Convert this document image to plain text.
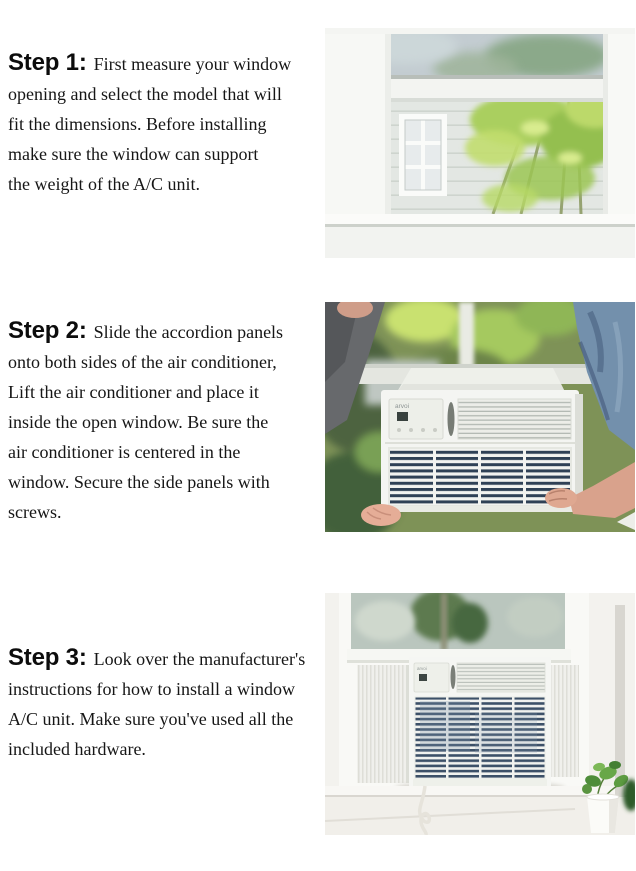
Step 1: First measure your window
opening and select the model that will
fit the dimensions. Before installing
make sure the window can support
the weight of the A/C unit.

Step 2: Slide the accordion panels
onto both sides of the air conditioner,
Lift the air conditioner and place it
inside the open window. Be sure the
air conditioner is centered in the
window. Secure the side panels with
screws.

arvoi

Step 3: Look over the manufacturer's
instructions for how to install a window
A/C unit. Make sure you've used all the
included hardware.

arvoi
